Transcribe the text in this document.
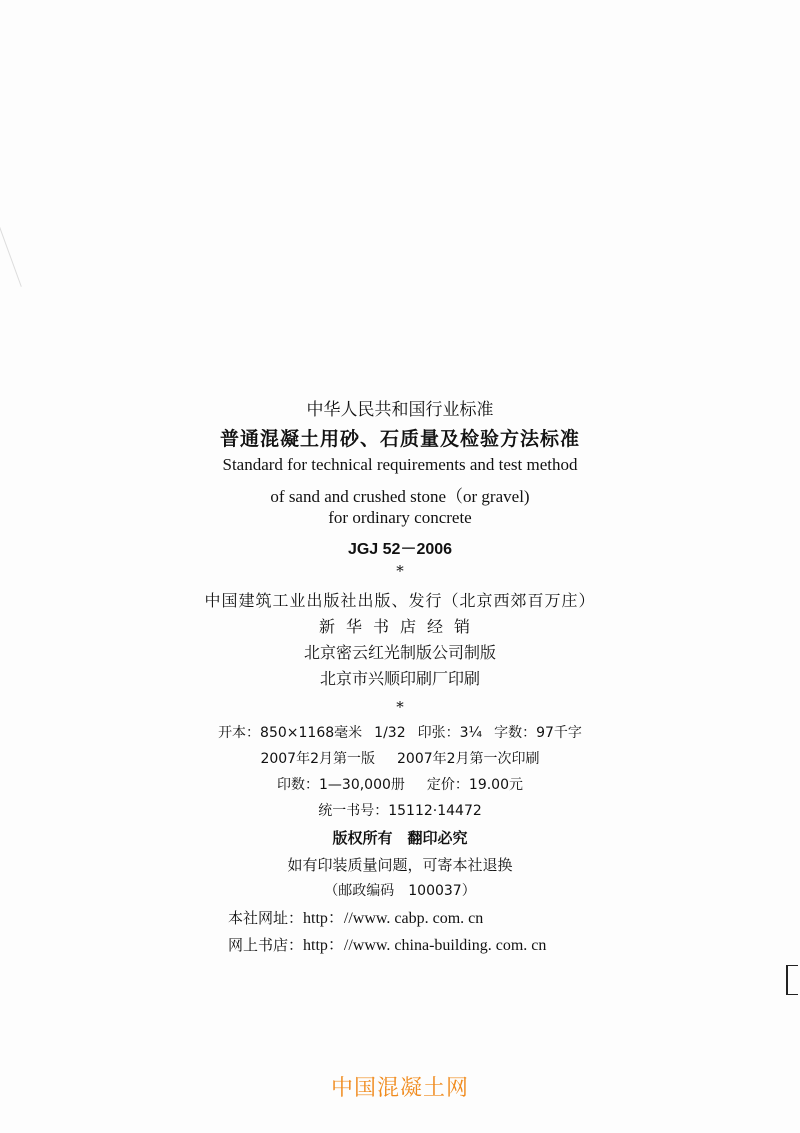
中华人民共和国行业标准
普通混凝土用砂、石质量及检验方法标准
Standard for technical requirements and test method
of sand and crushed stone（or gravel)
for ordinary concrete
JGJ 52－2006
*
中国建筑工业出版社出版、发行（北京西郊百万庄）
新华书店经销
北京密云红光制版公司制版
北京市兴顺印刷厂印刷
*
开本：850×1168毫米 1/32 印张：3¼ 字数：97千字
2007年2月第一版 2007年2月第一次印刷
印数：1—30,000册 定价：19.00元
统一书号：15112·14472
版权所有　翻印必究
如有印装质量问题，可寄本社退换
（邮政编码　100037）
本社网址：http：//www. cabp. com. cn
网上书店：http：//www. china-building. com. cn
中国混凝土网
